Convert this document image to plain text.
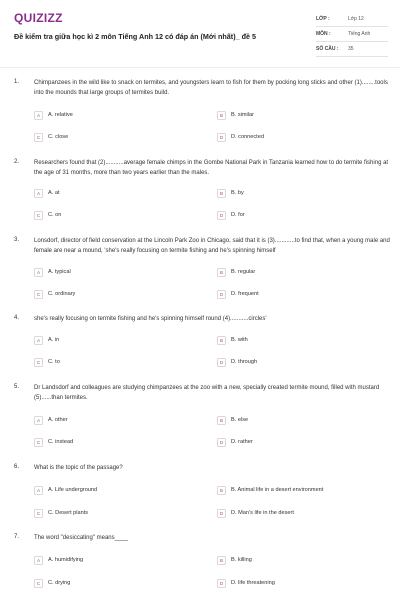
QUIZIZZ
Đề kiểm tra giữa học kì 2 môn Tiếng Anh 12 có đáp án (Mới nhất)_ đề 5
LỚP :	Lớp 12
MÔN :	Tiếng Anh
SỐ CÂU :	35
1. Chimpanzees in the wild like to snack on termites, and youngsters learn to fish for them by pocking long sticks and other (1)........tools into the mounds that large groups of termites build.
A	A. relative	B	B. similar
C	C. close	D	D. connected
2. Researchers found that (2)...........average female chimps in the Gombe National Park in Tanzania learned how to do termite fishing at the age of 31 months, more than two years earlier than the males.
A	A. at	B	B. by
C	C. on	D	D. for
3. Lonsdorf, director of field conservation at the Lincoln Park Zoo in Chicago, said that it is (3)............to find that, when a young male and female are near a mound, 'she's really focusing on termite fishing and he's spinning himself
A	A. typical	B	B. regular
C	C. ordinary	D	D. frequent
4. she's really focusing on termite fishing and he's spinning himself round (4)...........circles'
A	A. in	B	B. with
C	C. to	D	D. through
5. Dr Landsdorf and colleagues are studying chimpanzees at the zoo with a new, specially created termite mound, filled with mustard (5)......than termites.
A	A. other	B	B. else
C	C. instead	D	D. rather
6. What is the topic of the passage?
A	A. Life underground	B	B. Animal life in a desert environment
C	C. Desert plants	D	D. Man's life in the desert
7. The word "desiccating" means____
A	A. humidifying	B	B. killing
C	C. drying	D	D. life threatening
